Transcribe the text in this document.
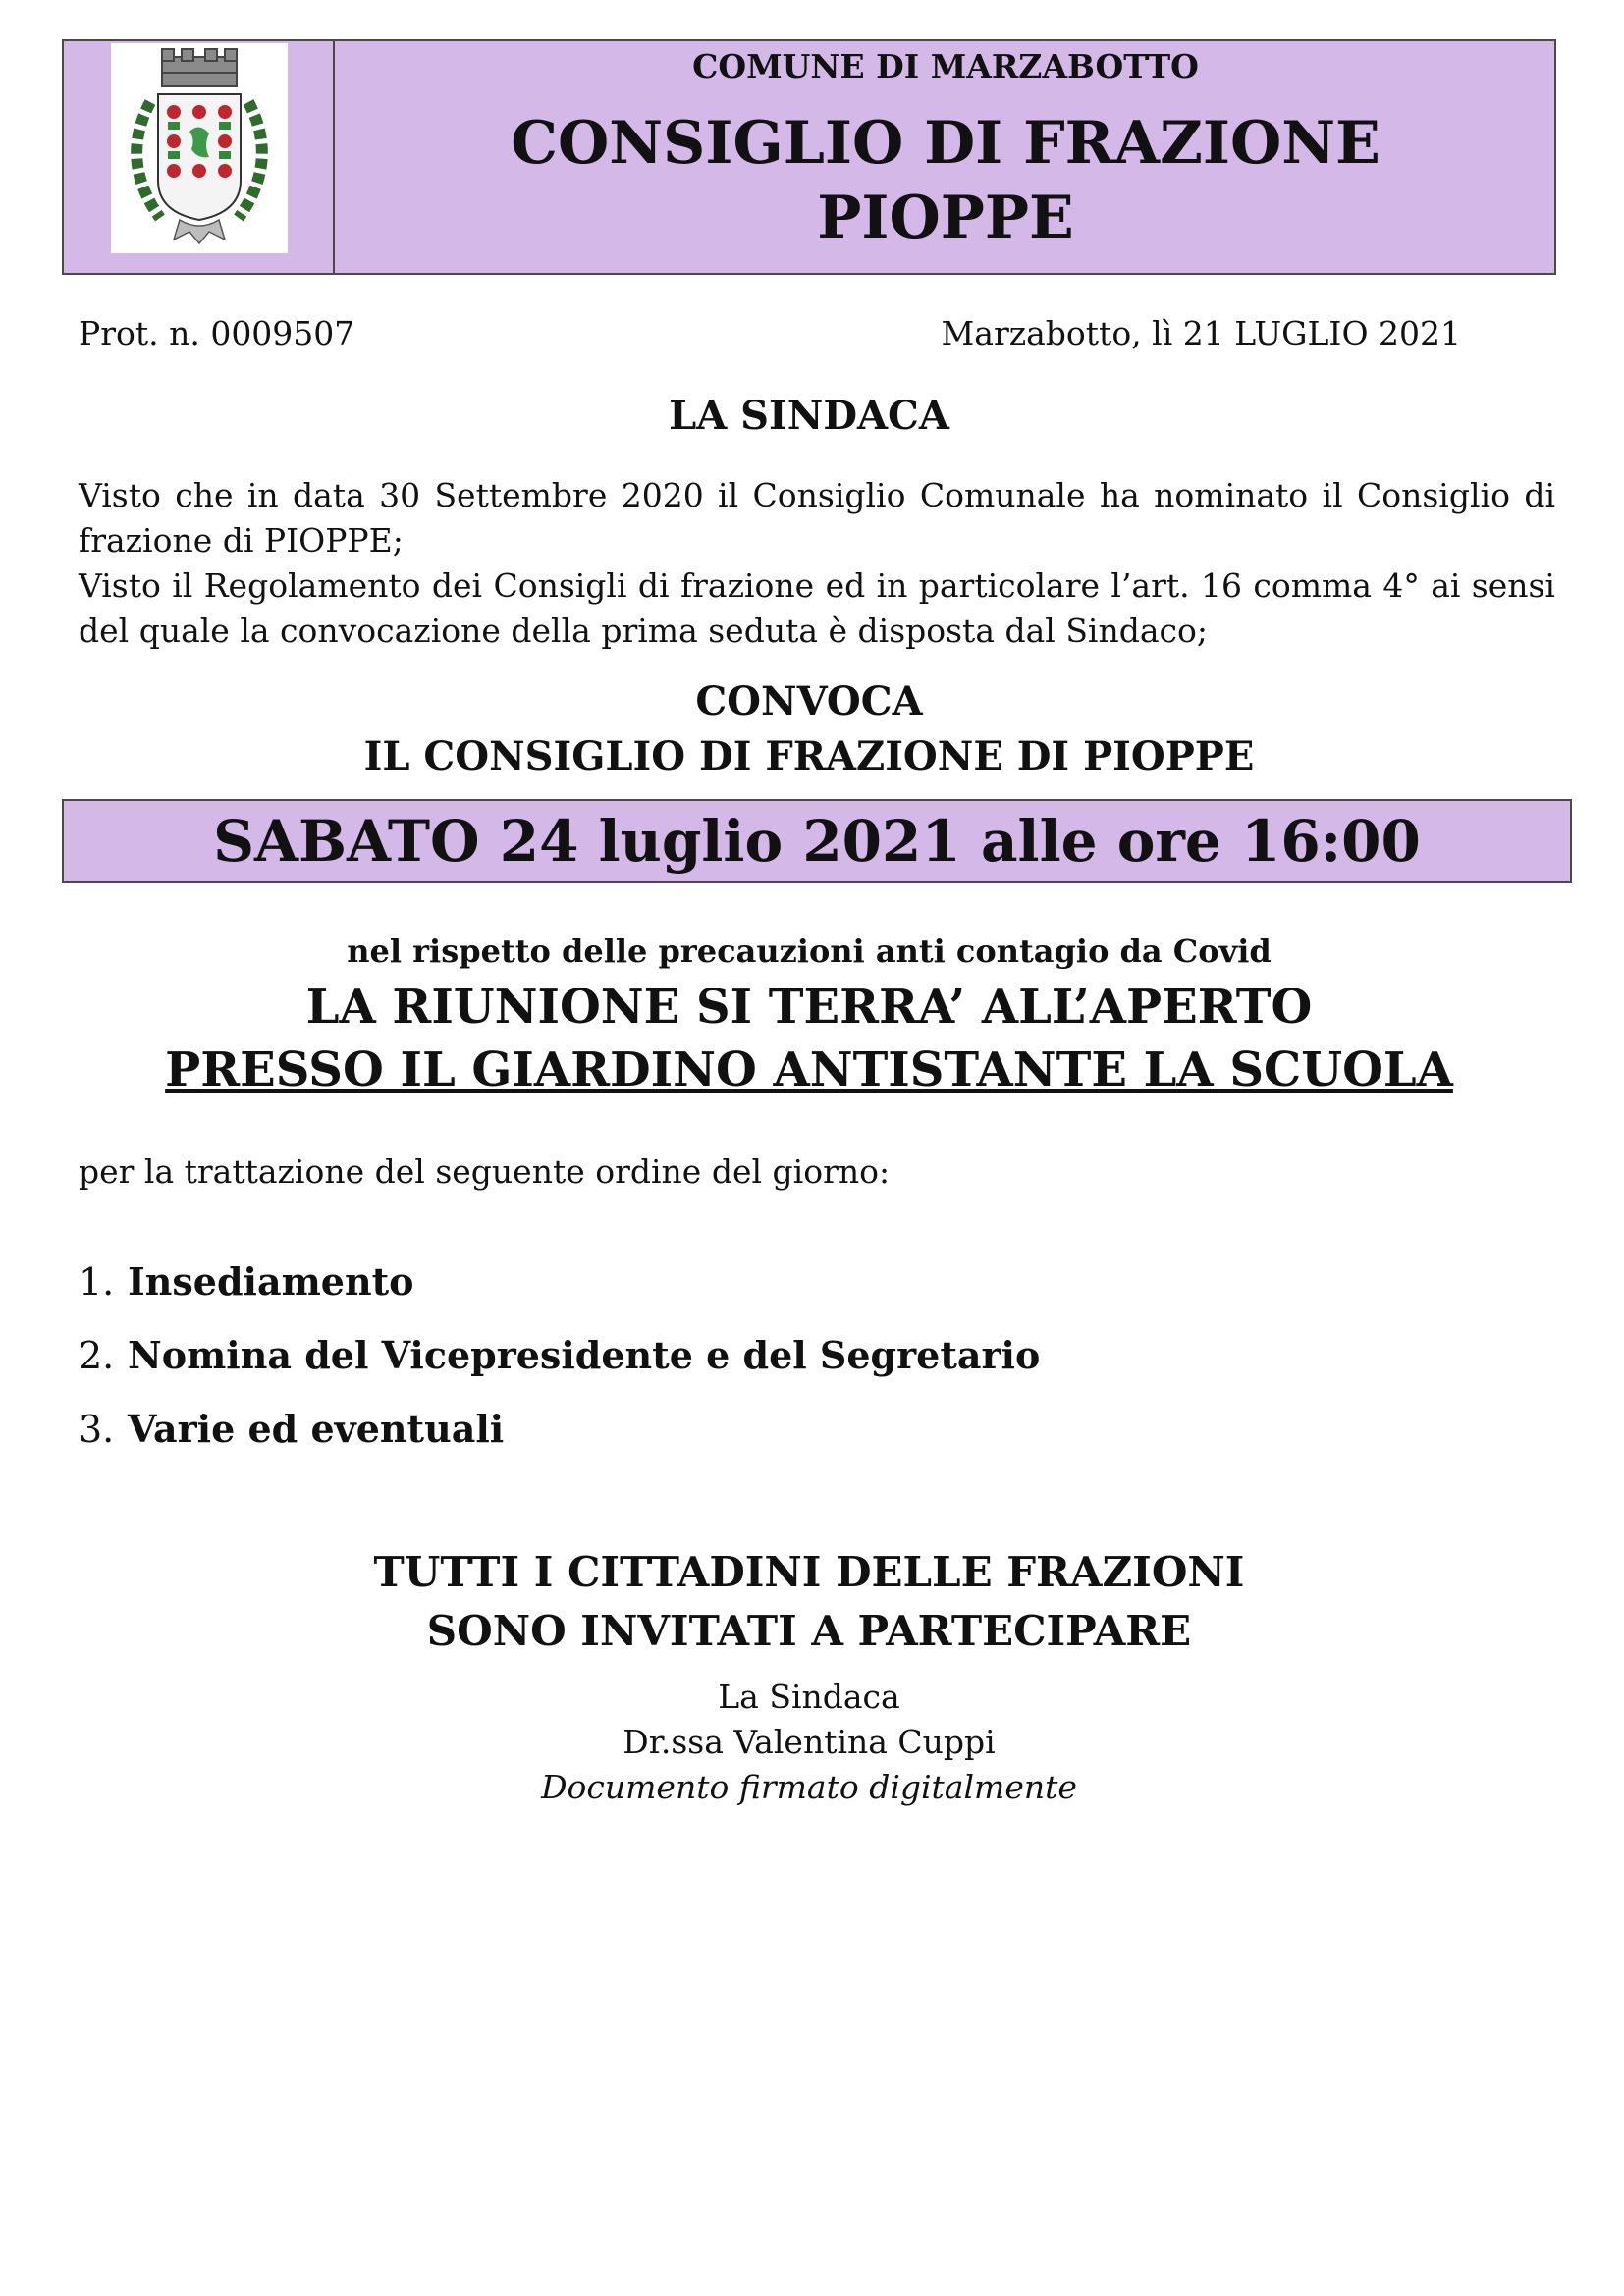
COMUNE DI MARZABOTTO
CONSIGLIO DI FRAZIONE
PIOPPE
Prot. n. 0009507	Marzabotto, lì 21 LUGLIO 2021
LA SINDACA

Visto che in data 30 Settembre 2020 il Consiglio Comunale ha nominato il Consiglio di frazione di PIOPPE;

Visto il Regolamento dei Consigli di frazione ed in particolare l’art. 16 comma 4° ai sensi del quale la convocazione della prima seduta è disposta dal Sindaco;

CONVOCA
IL CONSIGLIO DI FRAZIONE DI PIOPPE
SABATO 24 luglio 2021 alle ore 16:00
nel rispetto delle precauzioni anti contagio da Covid
LA RIUNIONE SI TERRA’ ALL’APERTO
PRESSO IL GIARDINO ANTISTANTE LA SCUOLA
per la trattazione del seguente ordine del giorno:
1. Insediamento
2. Nomina del Vicepresidente e del Segretario
3. Varie ed eventuali
TUTTI I CITTADINI DELLE FRAZIONI
SONO INVITATI A PARTECIPARE
La Sindaca
Dr.ssa Valentina Cuppi
Documento firmato digitalmente
